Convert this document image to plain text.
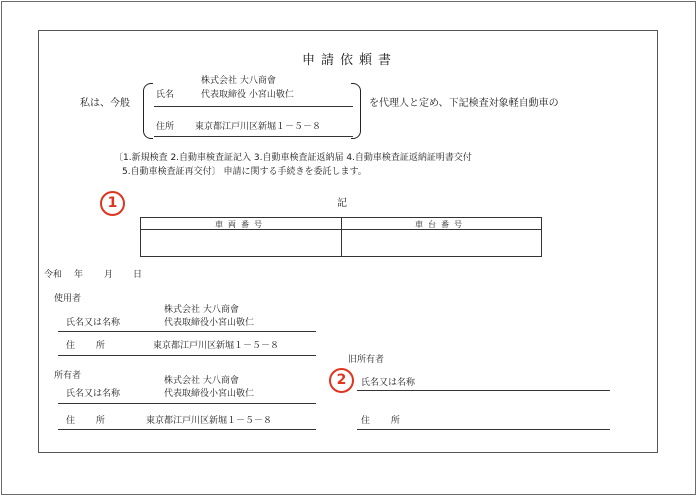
申請依頼書
私は、今般
株式会社 大八商會
氏名	代表取締役 小宮山敬仁
住所 東京都江戸川区新堀１－５－８
を代理人と定め、下記検査対象軽自動車の
〔1.新規検査 2.自動車検査証記入 3.自動車検査証返納届 4.自動車検査証返納証明書交付
5.自動車検査証再交付〕 申請に関する手続きを委託します。
1	記
車両番号	車台番号
令和 年 月 日
使用者
株式会社 大八商會
氏名又は名称	代表取締役小宮山敬仁
住 所	東京都江戸川区新堀１－５－８
所有者	株式会社 大八商會
氏名又は名称	代表取締役小宮山敬仁
住 所	東京都江戸川区新堀１－５－８
旧所有者
2	氏名又は名称
住 所
